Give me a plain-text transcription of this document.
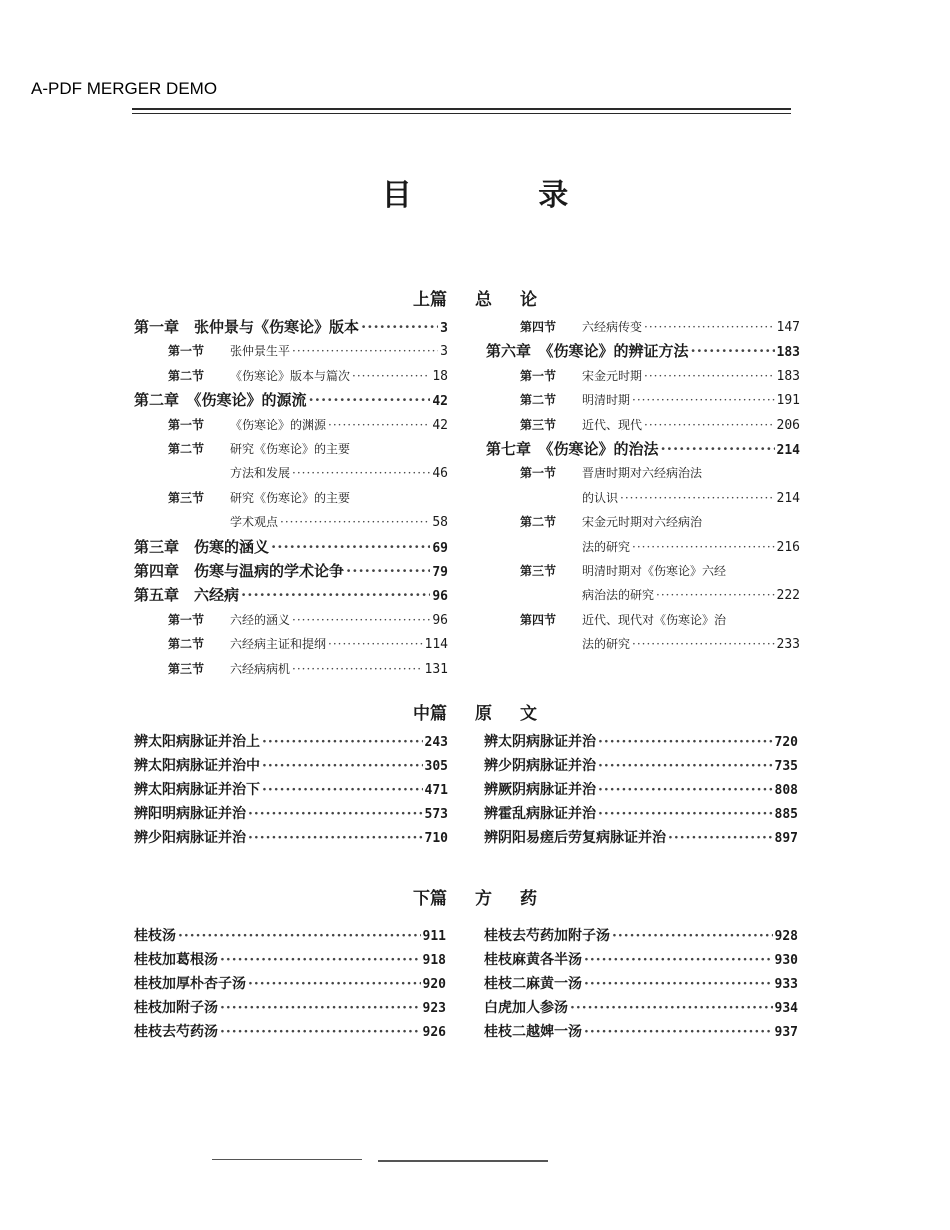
A-PDF MERGER DEMO
目 录
上篇 总 论
第一章　张仲景与《伤寒论》版本 ·····	3
第一节 张仲景生平 ·····	3
第二节 《伤寒论》版本与篇次 ·····	18
第二章　《伤寒论》的源流 ·····	42
第一节 《伤寒论》的渊源 ·····	42
第二节 研究《伤寒论》的主要
方法和发展 ·····	46
第三节 研究《伤寒论》的主要
学术观点 ·····	58
第三章　伤寒的涵义 ·····	69
第四章　伤寒与温病的学术论争 ·····	79
第五章　六经病 ·····	96
第一节 六经的涵义 ·····	96
第二节 六经病主证和提纲 ·····	114
第三节 六经病病机 ·····	131
第四节 六经病传变 ·····	147
第六章　《伤寒论》的辨证方法 ·····	183
第一节 宋金元时期 ·····	183
第二节 明清时期 ·····	191
第三节 近代、现代 ·····	206
第七章　《伤寒论》的治法 ·····	214
第一节 晋唐时期对六经病治法
的认识 ·····	214
第二节 宋金元时期对六经病治
法的研究 ·····	216
第三节 明清时期对《伤寒论》六经
病治法的研究 ·····	222
第四节 近代、现代对《伤寒论》治
法的研究 ·····	233
中篇 原 文
辨太阳病脉证并治上 ·····	243
辨太阳病脉证并治中 ·····	305
辨太阳病脉证并治下 ·····	471
辨阳明病脉证并治 ·····	573
辨少阳病脉证并治 ·····	710
辨太阴病脉证并治 ·····	720
辨少阴病脉证并治 ·····	735
辨厥阴病脉证并治 ·····	808
辨霍乱病脉证并治 ·····	885
辨阴阳易瘥后劳复病脉证并治 ·····	897
下篇 方 药
桂枝汤 ·····	911
桂枝加葛根汤 ·····	918
桂枝加厚朴杏子汤 ·····	920
桂枝加附子汤 ·····	923
桂枝去芍药汤 ·····	926
桂枝去芍药加附子汤 ·····	928
桂枝麻黄各半汤 ·····	930
桂枝二麻黄一汤 ·····	933
白虎加人参汤 ·····	934
桂枝二越婢一汤 ·····	937
